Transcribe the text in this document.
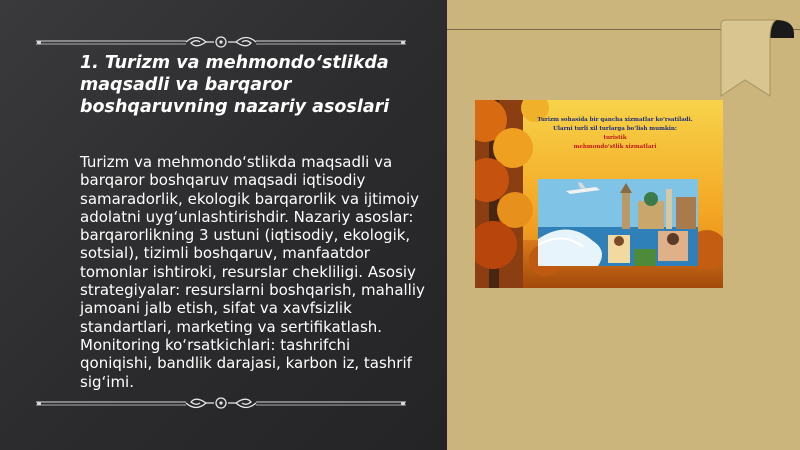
1. Turizm va mehmondo‘stlikda maqsadli va barqaror boshqaruvning nazariy asoslari
Turizm va mehmondo‘stlikda maqsadli va barqaror boshqaruv maqsadi iqtisodiy samaradorlik, ekologik barqarorlik va ijtimoiy adolatni uyg‘unlashtirishdir. Nazariy asoslar: barqarorlikning 3 ustuni (iqtisodiy, ekologik, sotsial), tizimli boshqaruv, manfaatdor tomonlar ishtiroki, resurslar chekliligi. Asosiy strategiyalar: resurslarni boshqarish, mahalliy jamoani jalb etish, sifat va xavfsizlik standartlari, marketing va sertifikatlash. Monitoring ko‘rsatkichlari: tashrifchi qoniqishi, bandlik darajasi, karbon iz, tashrif sig‘imi.
Turizm sohasida bir qancha xizmatlar ko‘rsatiladi.
Ularni turli xil turlarga bo‘lish mumkin:
turistik
mehmondo‘stlik xizmatlari
